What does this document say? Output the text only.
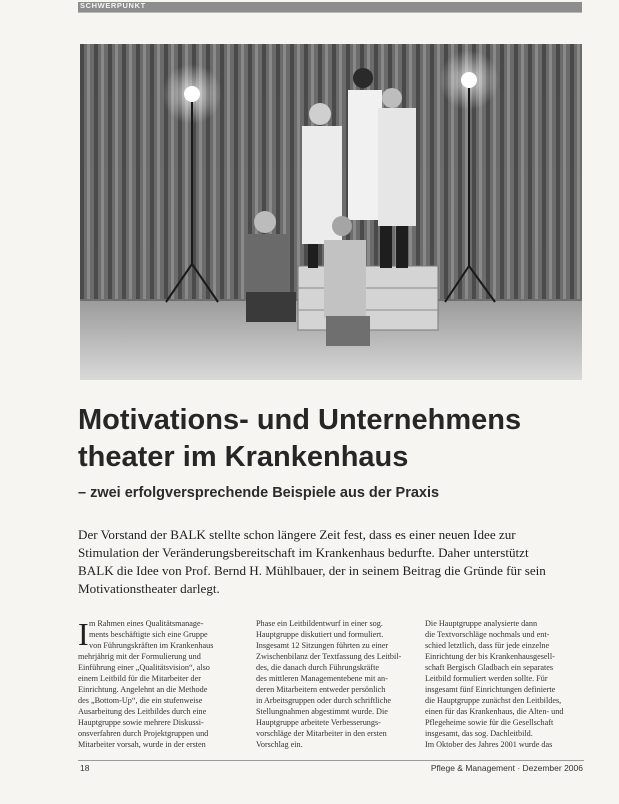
SCHWERPUNKT
Motivations- und Unternehmens
theater im Krankenhaus
– zwei erfolgversprechende Beispiele aus der Praxis
Der Vorstand der BALK stellte schon längere Zeit fest, dass es einer neuen Idee zur
Stimulation der Veränderungsbereitschaft im Krankenhaus bedurfte. Daher unterstützt
BALK die Idee von Prof. Bernd H. Mühlbauer, der in seinem Beitrag die Gründe für sein
Motivationstheater darlegt.
I m Rahmen eines Qualitätsmanage-
ments beschäftigte sich eine Gruppe
von Führungskräften im Krankenhaus
mehrjährig mit der Formulierung und
Einführung einer „Qualitätsvision“, also
einem Leitbild für die Mitarbeiter der
Einrichtung. Angelehnt an die Methode
des „Bottom-Up“, die ein stufenweise
Ausarbeitung des Leitbildes durch eine
Hauptgruppe sowie mehrere Diskussi-
onsverfahren durch Projektgruppen und
Mitarbeiter vorsah, wurde in der ersten
Phase ein Leitbildentwurf in einer sog.
Hauptgruppe diskutiert und formuliert.
Insgesamt 12 Sitzungen führten zu einer
Zwischenbilanz der Textfassung des Leitbil-
des, die danach durch Führungskräfte
des mittleren Managementebene mit an-
deren Mitarbeitern entweder persönlich
in Arbeitsgruppen oder durch schriftliche
Stellungnahmen abgestimmt wurde. Die
Hauptgruppe arbeitete Verbesserungs-
vorschläge der Mitarbeiter in den ersten
Vorschlag ein.
Die Hauptgruppe analysierte dann
die Textvorschläge nochmals und ent-
schied letztlich, dass für jede einzelne
Einrichtung der bis Krankenhausgesell-
schaft Bergisch Gladbach ein separates
Leitbild formuliert werden sollte. Für
insgesamt fünf Einrichtungen definierte
die Hauptgruppe zunächst den Leitbildes,
einen für das Krankenhaus, die Alten- und
Pflegeheime sowie für die Gesellschaft
insgesamt, das sog. Dachleitbild.
Im Oktober des Jahres 2001 wurde das
18	Pflege & Management · Dezember 2006
